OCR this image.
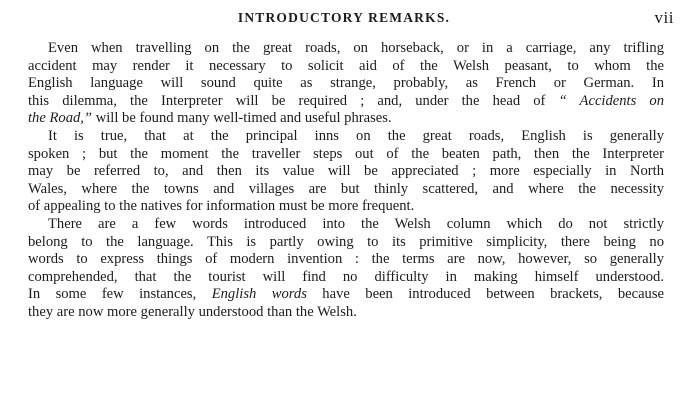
INTRODUCTORY REMARKS.	vii

Even when travelling on the great roads, on horseback, or in a carriage, any trifling
accident may render it necessary to solicit aid of the Welsh peasant, to whom the
English language will sound quite as strange, probably, as French or German. In
this dilemma, the Interpreter will be required ; and, under the head of “ Accidents on
the Road,” will be found many well-timed and useful phrases.

It is true, that at the principal inns on the great roads, English is generally
spoken ; but the moment the traveller steps out of the beaten path, then the Interpreter
may be referred to, and then its value will be appreciated ; more especially in North
Wales, where the towns and villages are but thinly scattered, and where the necessity
of appealing to the natives for information must be more frequent.

There are a few words introduced into the Welsh column which do not strictly
belong to the language. This is partly owing to its primitive simplicity, there being no
words to express things of modern invention : the terms are now, however, so generally
comprehended, that the tourist will find no difficulty in making himself understood.
In some few instances, English words have been introduced between brackets, because
they are now more generally understood than the Welsh.
